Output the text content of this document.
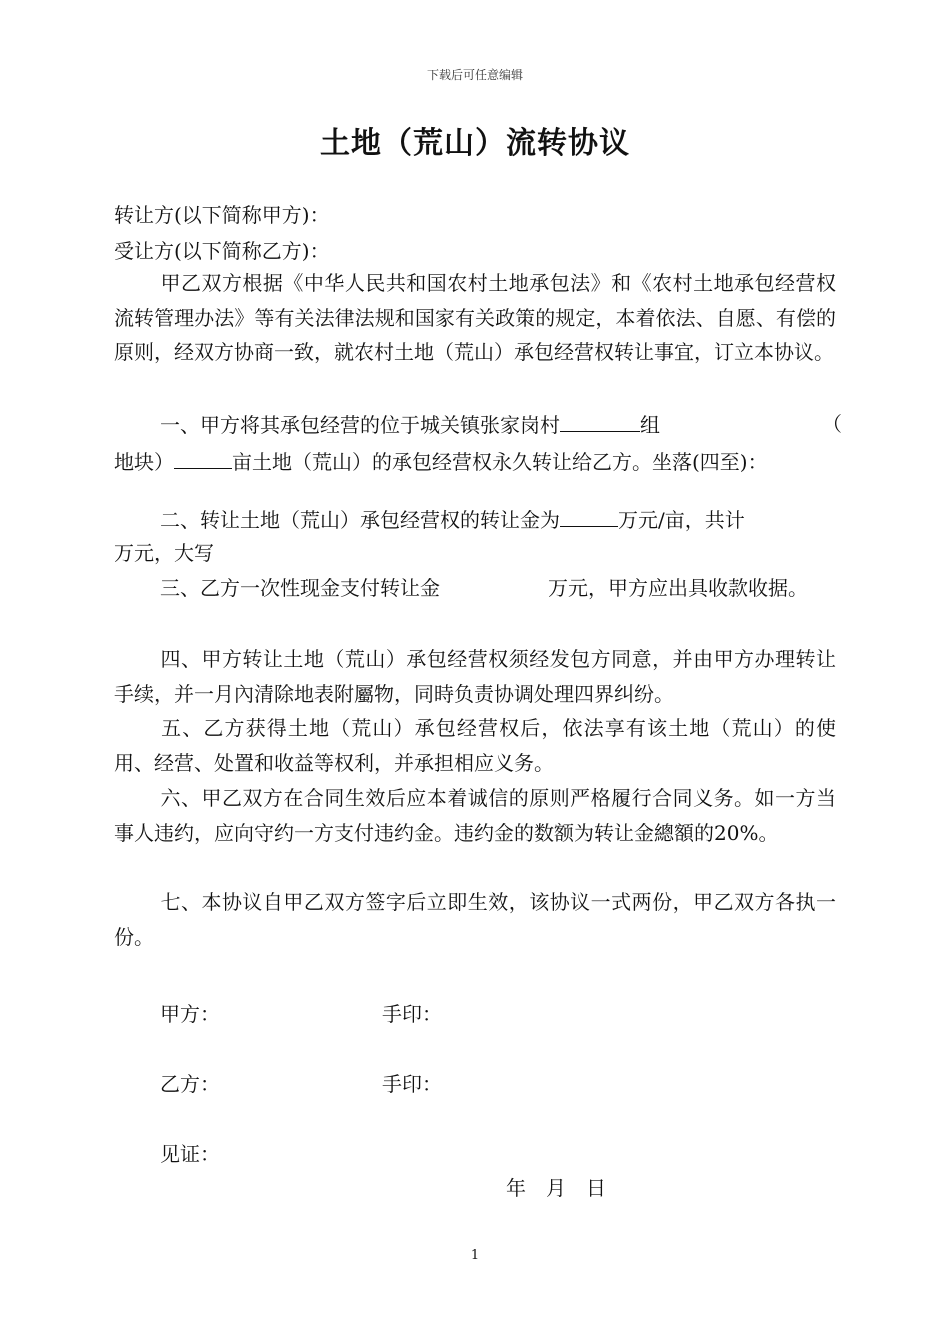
下载后可任意编辑
土地（荒山）流转协议
转让方(以下简称甲方)：
受让方(以下简称乙方)：
甲乙双方根据《中华人民共和国农村土地承包法》和《农村土地承包经营权流转管理办法》等有关法律法规和国家有关政策的规定，本着依法、自愿、有偿的原则，经双方协商一致，就农村土地（荒山）承包经营权转让事宜，订立本协议。
一、甲方将其承包经营的位于城关镇张家岗村	组	（
地块）	亩土地（荒山）的承包经营权永久转让给乙方。坐落(四至)：
二、转让土地（荒山）承包经营权的转让金为	万元/亩，共计
万元，大写
三、乙方一次性现金支付转让金	万元，甲方应出具收款收据。
四、甲方转让土地（荒山）承包经营权须经发包方同意，并由甲方办理转让手续，并一月內清除地表附屬物，同時负责协调处理四界纠纷。
五、乙方获得土地（荒山）承包经营权后，依法享有该土地（荒山）的使用、经营、处置和收益等权利，并承担相应义务。
六、甲乙双方在合同生效后应本着诚信的原则严格履行合同义务。如一方当事人违约，应向守约一方支付违约金。违约金的数额为转让金總額的20%。
七、本协议自甲乙双方签字后立即生效，该协议一式两份，甲乙双方各执一份。
甲方：	手印：
乙方：	手印：
见证：
年　月　日
1
